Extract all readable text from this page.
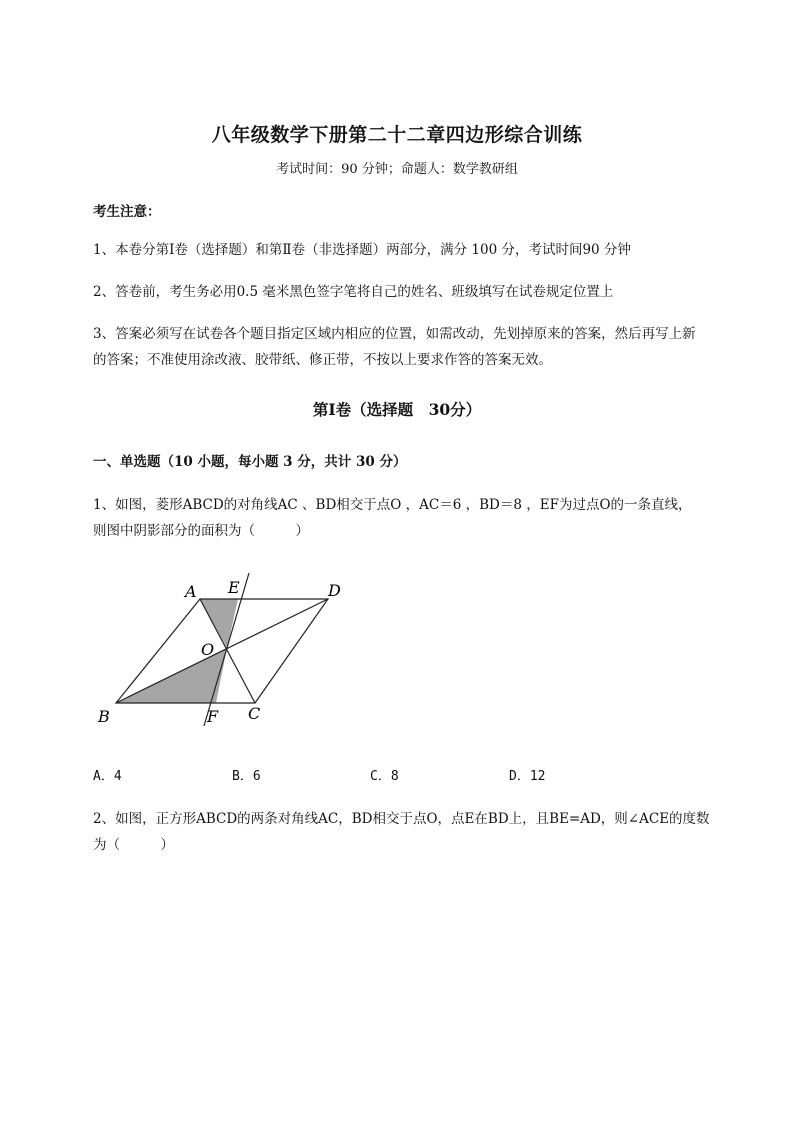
八年级数学下册第二十二章四边形综合训练
考试时间：90 分钟；命题人：数学教研组
考生注意：
1、本卷分第Ⅰ卷（选择题）和第Ⅱ卷（非选择题）两部分，满分 100 分，考试时间90 分钟
2、答卷前，考生务必用0.5 毫米黑色签字笔将自己的姓名、班级填写在试卷规定位置上
3、答案必须写在试卷各个题目指定区域内相应的位置，如需改动，先划掉原来的答案，然后再写上新
的答案；不准使用涂改液、胶带纸、修正带，不按以上要求作答的答案无效。
第Ⅰ卷（选择题　30分）
一、单选题（10 小题，每小题 3 分，共计 30 分）
1、如图，菱形ABCD的对角线AC 、BD相交于点O ，AC＝6 ，BD＝8 ，EF为过点O的一条直线，
则图中阴影部分的面积为（　　　）
A E	D
O
B	F C
A．4	B．6	C．8	D．12
2、如图，正方形ABCD的两条对角线AC，BD相交于点O，点E在BD上，且BE=AD，则∠ACE的度数
为（　　　）
